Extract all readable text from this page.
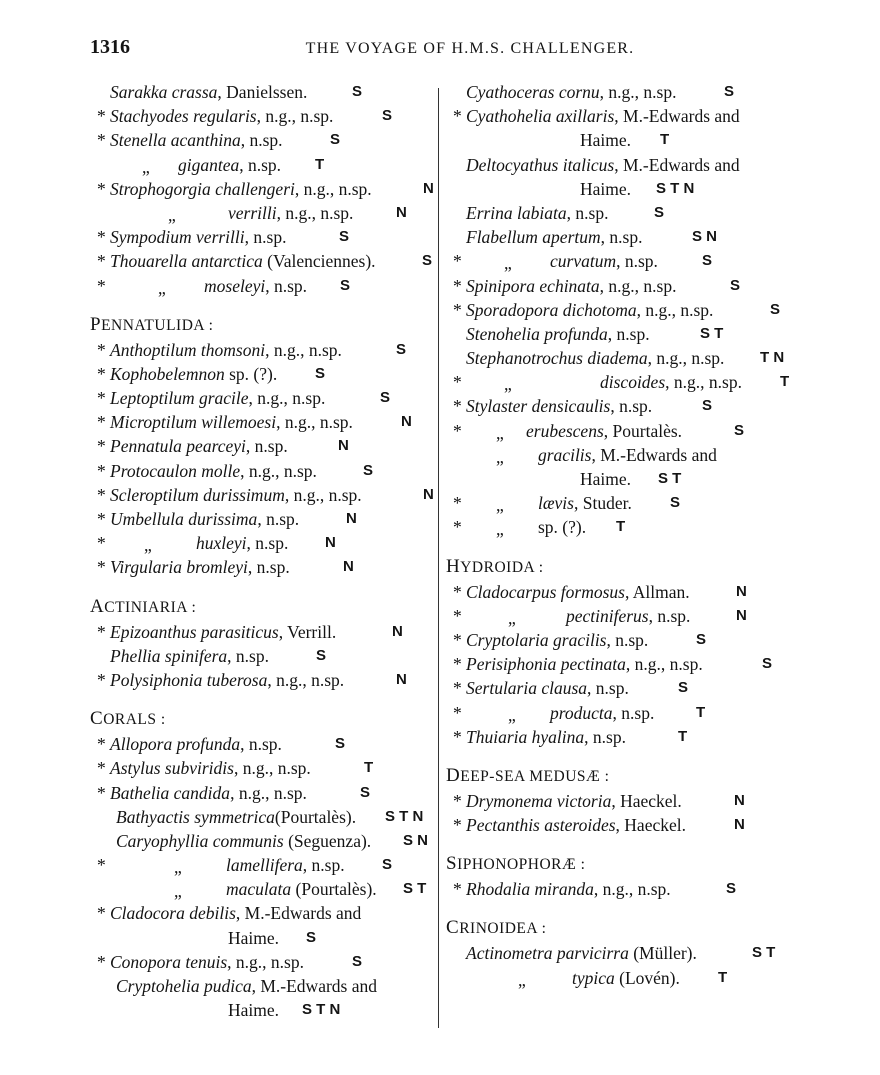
1316	THE VOYAGE OF H.M.S. CHALLENGER.
Sarakka crassa, Danielssen.	S
* Stachyodes regularis, n.g., n.sp.	S
* Stenella acanthina, n.sp.	S
„ gigantea, n.sp. T
* Strophogorgia challengeri, n.g., n.sp.	N
„	verrilli, n.g., n.sp.	N
* Sympodium verrilli, n.sp.	S
* Thouarella antarctica (Valenciennes).	S
*	„ moseleyi, n.sp. S
PENNATULIDA :
* Anthoptilum thomsoni, n.g., n.sp.	S
* Kophobelemnon sp. (?).	S
* Leptoptilum gracile, n.g., n.sp.	S
* Microptilum willemoesi, n.g., n.sp.	N
* Pennatula pearceyi, n.sp.	N
* Protocaulon molle, n.g., n.sp.	S
* Scleroptilum durissimum, n.g., n.sp.	N
* Umbellula durissima, n.sp.	N
* „	huxleyi, n.sp. N
* Virgularia bromleyi, n.sp.	N
ACTINIARIA :
* Epizoanthus parasiticus, Verrill.	N
Phellia spinifera, n.sp.	S
* Polysiphonia tuberosa, n.g., n.sp.	N
CORALS :
* Allopora profunda, n.sp.	S
* Astylus subviridis, n.g., n.sp.	T
* Bathelia candida, n.g., n.sp.	S
Bathyactis symmetrica(Pourtalès). S T N
Caryophyllia communis (Seguenza). S N
*	„	lamellifera, n.sp. S
„	maculata (Pourtalès). S T
* Cladocora debilis, M.-Edwards and
Haime. S
* Conopora tenuis, n.g., n.sp.	S
Cryptohelia pudica, M.-Edwards and
Haime. S T N
Cyathoceras cornu, n.g., n.sp.	S
* Cyathohelia axillaris, M.-Edwards and
Haime. T
Deltocyathus italicus, M.-Edwards and
Haime. S T N
Errina labiata, n.sp.	S
Flabellum apertum, n.sp.	S N
* „ curvatum, n.sp.	S
* Spinipora echinata, n.g., n.sp.	S
* Sporadopora dichotoma, n.g., n.sp.	S
Stenohelia profunda, n.sp.	S T
Stephanotrochus diadema, n.g., n.sp. T N
* „	discoides, n.g., n.sp.	T
* Stylaster densicaulis, n.sp.	S
* „ erubescens, Pourtalès.	S
„ gracilis, M.-Edwards and
Haime. S T
* „ lævis, Studer.	S
* „ sp. (?). T
HYDROIDA :
* Cladocarpus formosus, Allman.	N
*	„	pectiniferus, n.sp.	N
* Cryptolaria gracilis, n.sp.	S
* Perisiphonia pectinata, n.g., n.sp.	S
* Sertularia clausa, n.sp.	S
*	„ producta, n.sp.	T
* Thuiaria hyalina, n.sp.	T
DEEP-SEA MEDUSÆ :
* Drymonema victoria, Haeckel.	N
* Pectanthis asteroides, Haeckel.	N
SIPHONOPHORÆ :
* Rhodalia miranda, n.g., n.sp.	S
CRINOIDEA :
Actinometra parvicirra (Müller).	S T
„	typica (Lovén).	T
